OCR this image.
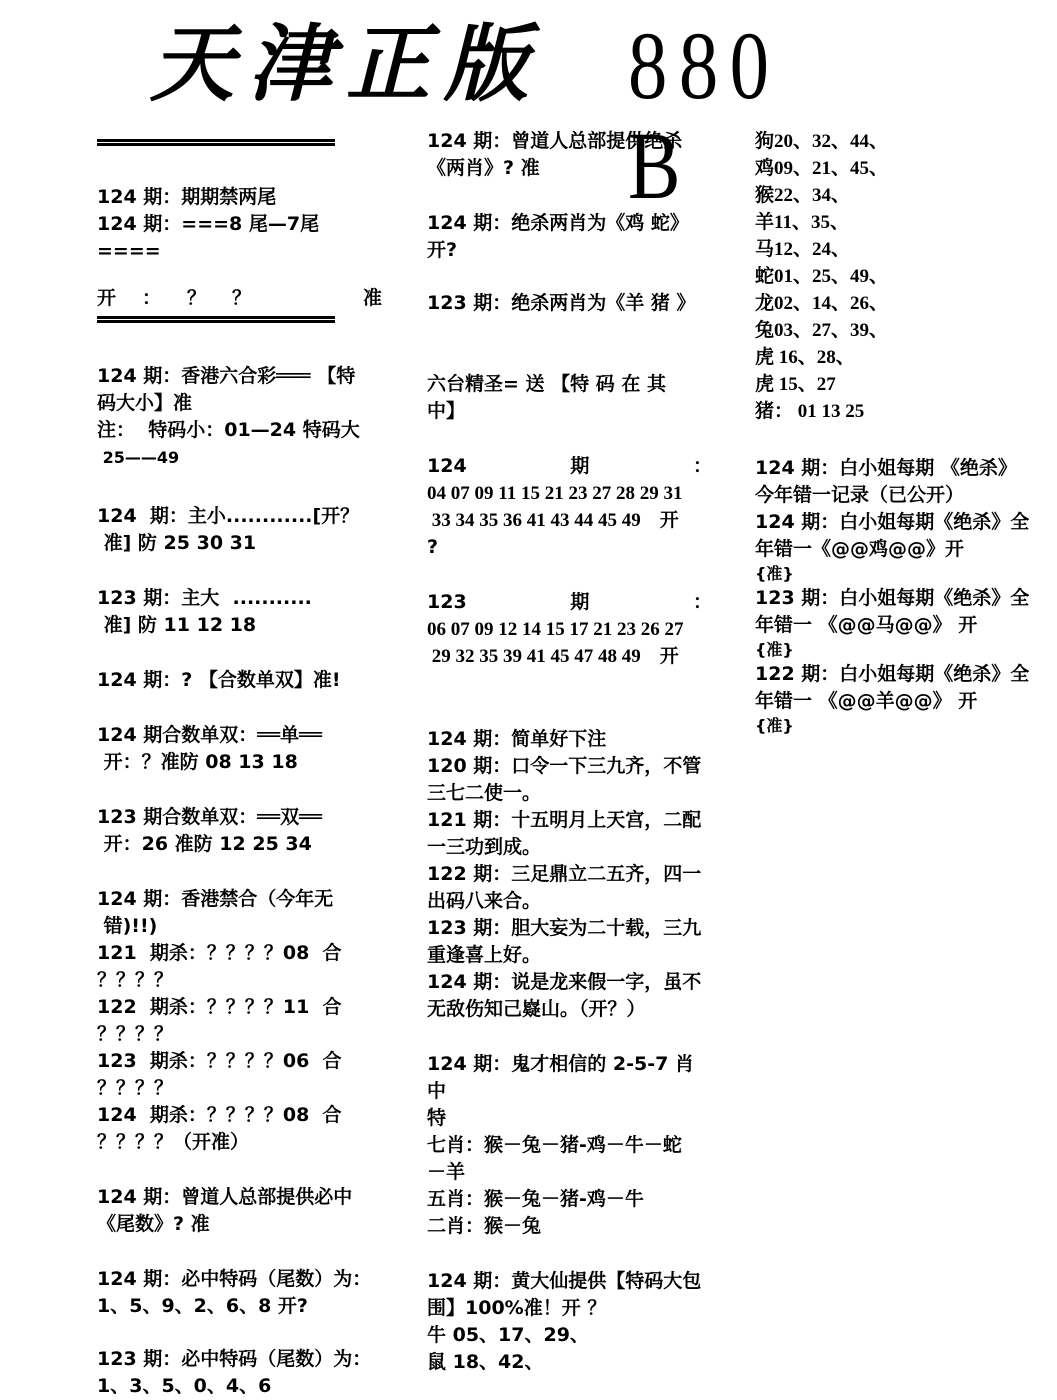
天津正版 880 B
124 期：期期禁两尾
124 期：===8 尾—7尾====
开 ： ？ ？	准
124 期：香港六合彩═══ 【特
码大小】准
注：  特码小：01—24 特码大
25——49
124  期：主小............[开？
准] 防 25 30 31
123 期：主大  ...........
准] 防 11 12 18
124 期：? 【合数单双】准!
124 期合数单双：══单══
开：？准防 08 13 18
123 期合数单双：══双══
开：26 准防 12 25 34
124 期：香港禁合（今年无
错)!!)
121  期杀：？？？？08  合
？？？？
122  期杀：？？？？11  合
？？？？
123  期杀：？？？？06  合
？？？？
124  期杀：？？？？08  合
？？？？（开准）
124 期：曾道人总部提供必中
《尾数》? 准
124 期：必中特码（尾数）为：
1、5、9、2、6、8 开?
123 期：必中特码（尾数）为：
1、3、5、0、4、6
124 期：曾道人总部提供绝杀
《两肖》? 准
124 期：绝杀两肖为《鸡 蛇》
开?
123 期：绝杀两肖为《羊 猪 》
六台精圣= 送 【特 码 在 其
中】
124	期	：
04 07 09 11 15 21 23 27 28 29 31
33 34 35 36 41 43 44 45 49    开
?
123	期	：
06 07 09 12 14 15 17 21 23 26 27
29 32 35 39 41 45 47 48 49    开
124 期：简单好下注
120 期：口令一下三九齐，不管
三七二使一。
121 期：十五明月上天宫，二配
一三功到成。
122 期：三足鼎立二五齐，四一
出码八来合。
123 期：胆大妄为二十载，三九
重逢喜上好。
124 期：说是龙来假一字，虽不
无敌伤知己嶷山。（开？）
124 期：鬼才相信的 2-5-7 肖中
特
七肖：猴－兔－猪-鸡－牛－蛇
－羊
五肖：猴－兔－猪-鸡－牛
二肖：猴－兔
124 期：黄大仙提供【特码大包
围】100%准！开 ？
牛 05、17、29、
鼠 18、42、
狗20、32、44、
鸡09、21、45、
猴22、34、
羊11、35、
马12、24、
蛇01、25、49、
龙02、14、26、
兔03、27、39、
虎 16、28、
虎 15、27
猪： 01 13 25
124 期：白小姐每期 《绝杀》
今年错一记录（已公开）
124 期：白小姐每期《绝杀》全
年错一《@@鸡@@》开
{准}
123 期：白小姐每期《绝杀》全
年错一 《@@马@@》 开
{准}
122 期：白小姐每期《绝杀》全
年错一 《@@羊@@》 开
{准}
